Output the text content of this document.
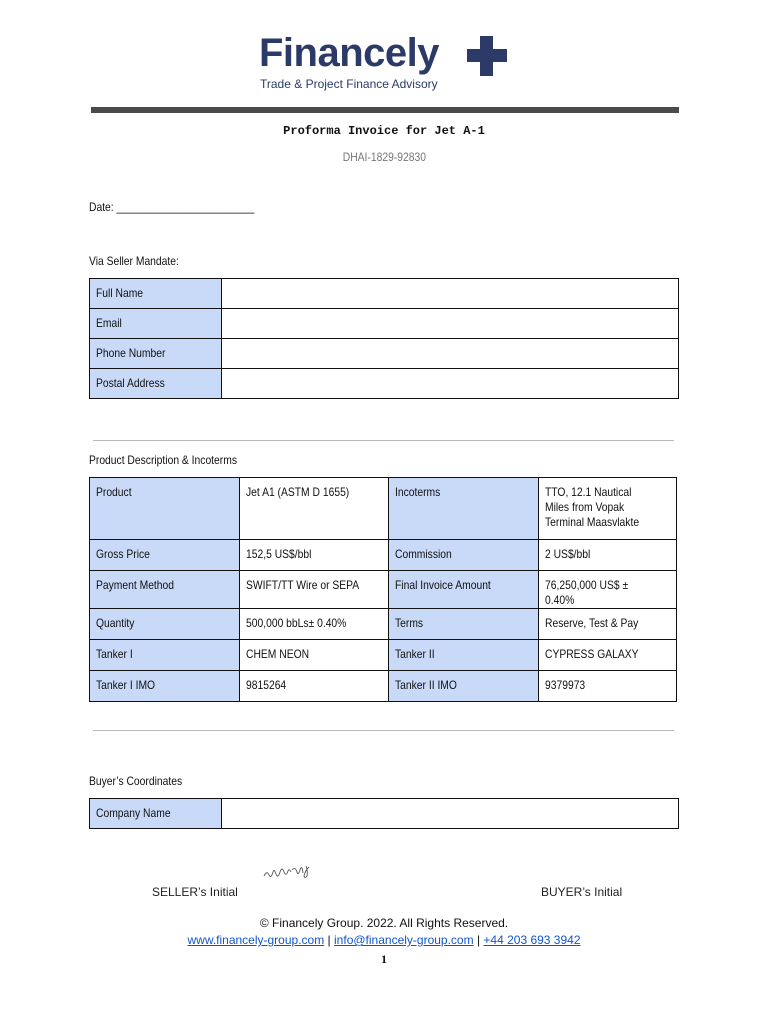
Financely
Trade & Project Finance Advisory
Proforma Invoice for Jet A-1
DHAI-1829-92830
Date: ________________________
Via Seller Mandate:
Full Name	
Email	
Phone Number	
Postal Address	
Product Description & Incoterms
Product	Jet A1 (ASTM D 1655)	Incoterms	TTO, 12.1 Nautical Miles from Vopak Terminal Maasvlakte
Gross Price	152,5 US$/bbl	Commission	2 US$/bbl
Payment Method	SWIFT/TT Wire or SEPA	Final Invoice Amount	76,250,000 US$ ± 0.40%
Quantity	500,000 bbLs± 0.40%	Terms	Reserve, Test & Pay
Tanker I	CHEM NEON	Tanker II	CYPRESS GALAXY
Tanker I IMO	9815264	Tanker II IMO	9379973
Buyer’s Coordinates
Company Name	
SELLER’s Initial	BUYER’s Initial
© Financely Group. 2022. All Rights Reserved.
www.financely-group.com | info@financely-group.com | +44 203 693 3942
1
